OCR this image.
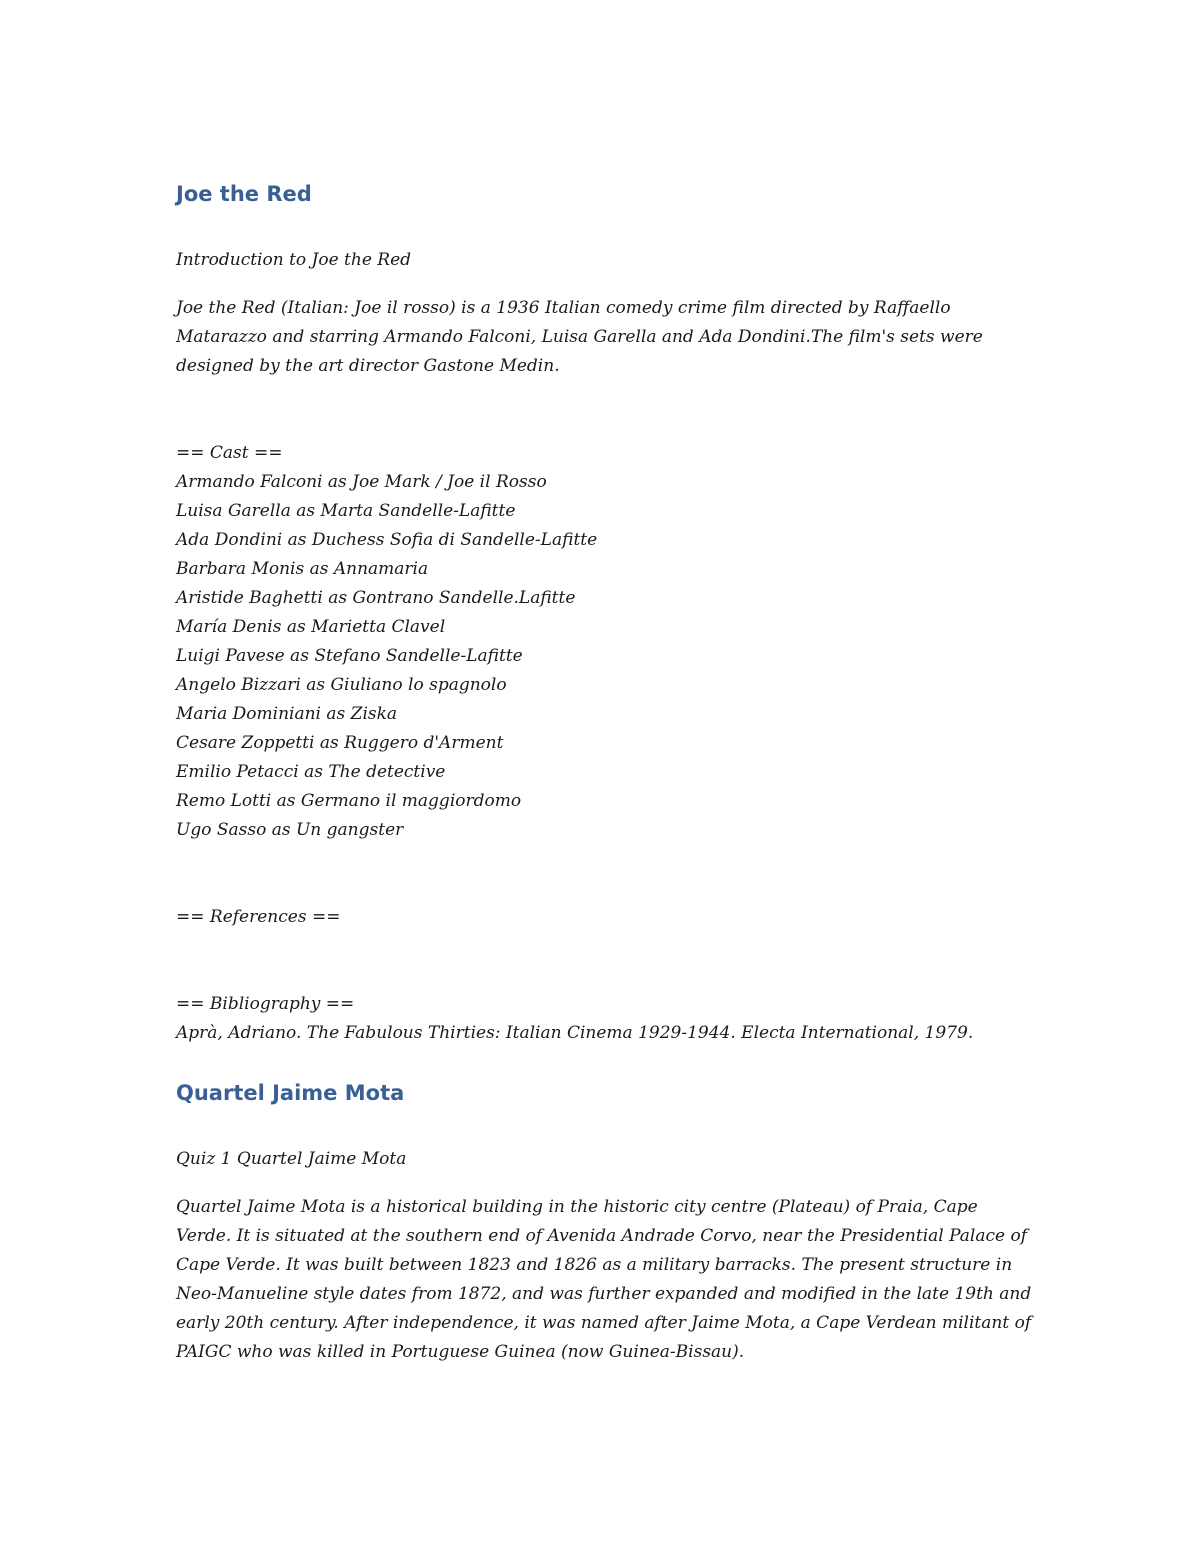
Joe the Red

Introduction to Joe the Red

Joe the Red (Italian: Joe il rosso) is a 1936 Italian comedy crime film directed by Raffaello Matarazzo and starring Armando Falconi, Luisa Garella and Ada Dondini.The film's sets were designed by the art director Gastone Medin.

== Cast ==

Armando Falconi as Joe Mark / Joe il Rosso
Luisa Garella as Marta Sandelle-Lafitte
Ada Dondini as Duchess Sofia di Sandelle-Lafitte
Barbara Monis as Annamaria
Aristide Baghetti as Gontrano Sandelle.Lafitte
María Denis as Marietta Clavel
Luigi Pavese as Stefano Sandelle-Lafitte
Angelo Bizzari as Giuliano lo spagnolo
Maria Dominiani as Ziska
Cesare Zoppetti as Ruggero d'Arment
Emilio Petacci as The detective
Remo Lotti as Germano il maggiordomo
Ugo Sasso as Un gangster

== References ==

== Bibliography ==

Aprà, Adriano. The Fabulous Thirties: Italian Cinema 1929-1944. Electa International, 1979.

Quartel Jaime Mota

Quiz 1 Quartel Jaime Mota

Quartel Jaime Mota is a historical building in the historic city centre (Plateau) of Praia, Cape Verde. It is situated at the southern end of Avenida Andrade Corvo, near the Presidential Palace of Cape Verde. It was built between 1823 and 1826 as a military barracks. The present structure in Neo-Manueline style dates from 1872, and was further expanded and modified in the late 19th and early 20th century. After independence, it was named after Jaime Mota, a Cape Verdean militant of PAIGC who was killed in Portuguese Guinea (now Guinea-Bissau).
